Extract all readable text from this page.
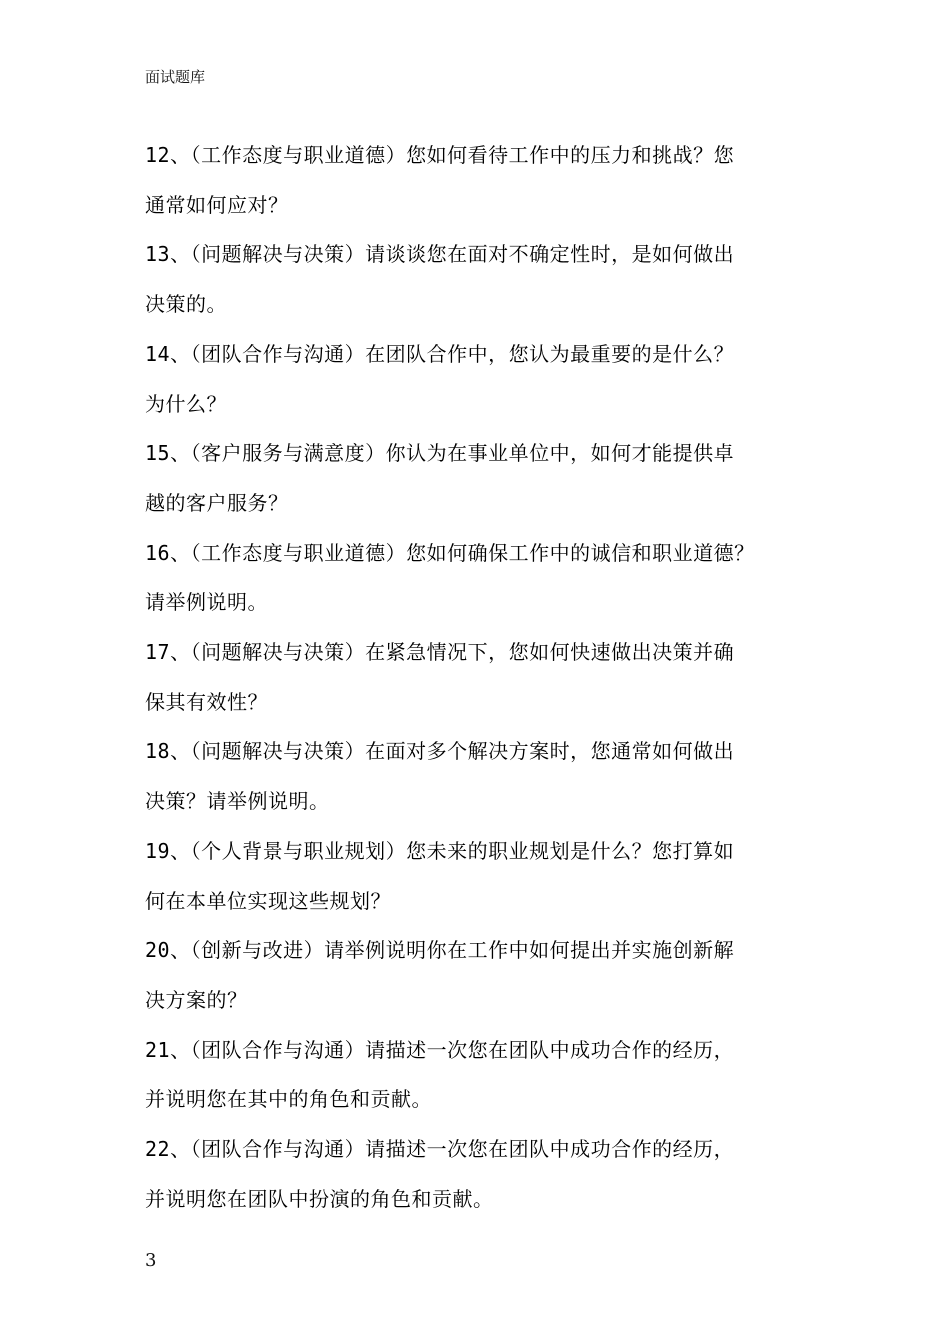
面试题库
12、（工作态度与职业道德）您如何看待工作中的压力和挑战？您
通常如何应对？
13、（问题解决与决策）请谈谈您在面对不确定性时，是如何做出
决策的。
14、（团队合作与沟通）在团队合作中，您认为最重要的是什么？
为什么？
15、（客户服务与满意度）你认为在事业单位中，如何才能提供卓
越的客户服务？
16、（工作态度与职业道德）您如何确保工作中的诚信和职业道德？
请举例说明。
17、（问题解决与决策）在紧急情况下，您如何快速做出决策并确
保其有效性？
18、（问题解决与决策）在面对多个解决方案时，您通常如何做出
决策？请举例说明。
19、（个人背景与职业规划）您未来的职业规划是什么？您打算如
何在本单位实现这些规划？
20、（创新与改进）请举例说明你在工作中如何提出并实施创新解
决方案的？
21、（团队合作与沟通）请描述一次您在团队中成功合作的经历，
并说明您在其中的角色和贡献。
22、（团队合作与沟通）请描述一次您在团队中成功合作的经历，
并说明您在团队中扮演的角色和贡献。
3
